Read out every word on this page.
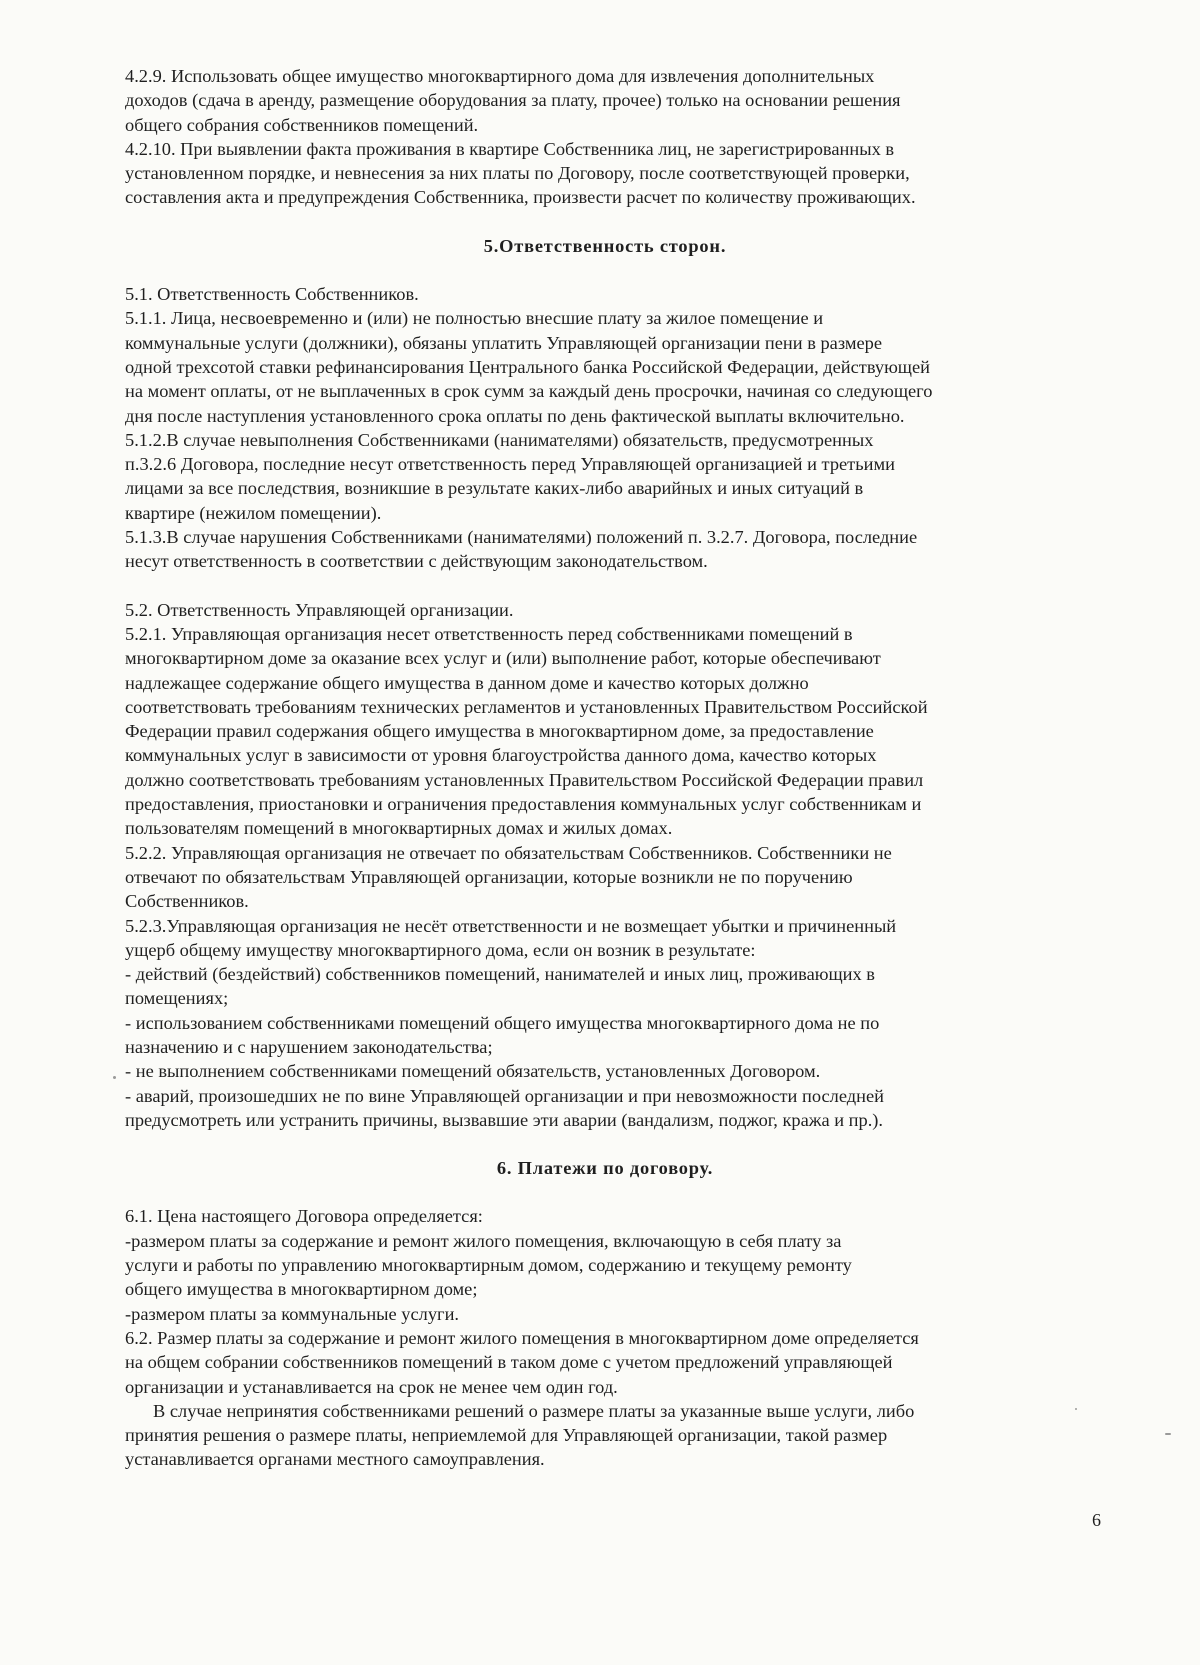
4.2.9. Использовать общее имущество многоквартирного дома для извлечения дополнительных
доходов (сдача в аренду, размещение оборудования за плату, прочее) только на основании решения
общего собрания собственников помещений.
4.2.10. При выявлении факта проживания в квартире Собственника лиц, не зарегистрированных в
установленном порядке, и невнесения за них платы по Договору, после соответствующей проверки,
составления акта и предупреждения Собственника, произвести расчет по количеству проживающих.
5.Ответственность сторон.
5.1. Ответственность Собственников.
5.1.1. Лица, несвоевременно и (или) не полностью внесшие плату за жилое помещение и
коммунальные услуги (должники), обязаны уплатить Управляющей организации пени в размере
одной трехсотой ставки рефинансирования Центрального банка Российской Федерации, действующей
на момент оплаты, от не выплаченных в срок сумм за каждый день просрочки, начиная со следующего
дня после наступления установленного срока оплаты по день фактической выплаты включительно.
5.1.2.В случае невыполнения Собственниками (нанимателями) обязательств, предусмотренных
п.3.2.6 Договора, последние несут ответственность перед Управляющей организацией и третьими
лицами за все последствия, возникшие в результате каких-либо аварийных и иных ситуаций в
квартире (нежилом помещении).
5.1.3.В случае нарушения Собственниками (нанимателями) положений п. 3.2.7. Договора, последние
несут ответственность в соответствии с действующим законодательством.
5.2. Ответственность Управляющей организации.
5.2.1. Управляющая организация несет ответственность перед собственниками помещений в
многоквартирном доме за оказание всех услуг и (или) выполнение работ, которые обеспечивают
надлежащее содержание общего имущества в данном доме и качество которых должно
соответствовать требованиям технических регламентов и установленных Правительством Российской
Федерации правил содержания общего имущества в многоквартирном доме, за предоставление
коммунальных услуг в зависимости от уровня благоустройства данного дома, качество которых
должно соответствовать требованиям установленных Правительством Российской Федерации правил
предоставления, приостановки и ограничения предоставления коммунальных услуг собственникам и
пользователям помещений в многоквартирных домах и жилых домах.
5.2.2. Управляющая организация не отвечает по обязательствам Собственников. Собственники не
отвечают по обязательствам Управляющей организации, которые возникли не по поручению
Собственников.
5.2.3.Управляющая организация не несёт ответственности и не возмещает убытки и причиненный
ущерб общему имуществу многоквартирного дома, если он возник в результате:
- действий (бездействий) собственников помещений, нанимателей и иных лиц, проживающих в
помещениях;
- использованием собственниками помещений общего имущества многоквартирного дома не по
назначению и с нарушением законодательства;
- не выполнением собственниками помещений обязательств, установленных Договором.
- аварий, произошедших не по вине Управляющей организации и при невозможности последней
предусмотреть или устранить причины, вызвавшие эти аварии (вандализм, поджог, кража и пр.).
6. Платежи по договору.
6.1. Цена настоящего Договора определяется:
-размером платы за содержание и ремонт жилого помещения, включающую в себя плату за
услуги и работы по управлению многоквартирным домом, содержанию и текущему ремонту
общего имущества в многоквартирном доме;
-размером платы за коммунальные услуги.
6.2. Размер платы за содержание и ремонт жилого помещения в многоквартирном доме определяется
на общем собрании собственников помещений в таком доме с учетом предложений управляющей
организации и устанавливается на срок не менее чем один год.
В случае непринятия собственниками решений о размере платы за указанные выше услуги, либо
принятия решения о размере платы, неприемлемой для Управляющей организации, такой размер
устанавливается органами местного самоуправления.
6
